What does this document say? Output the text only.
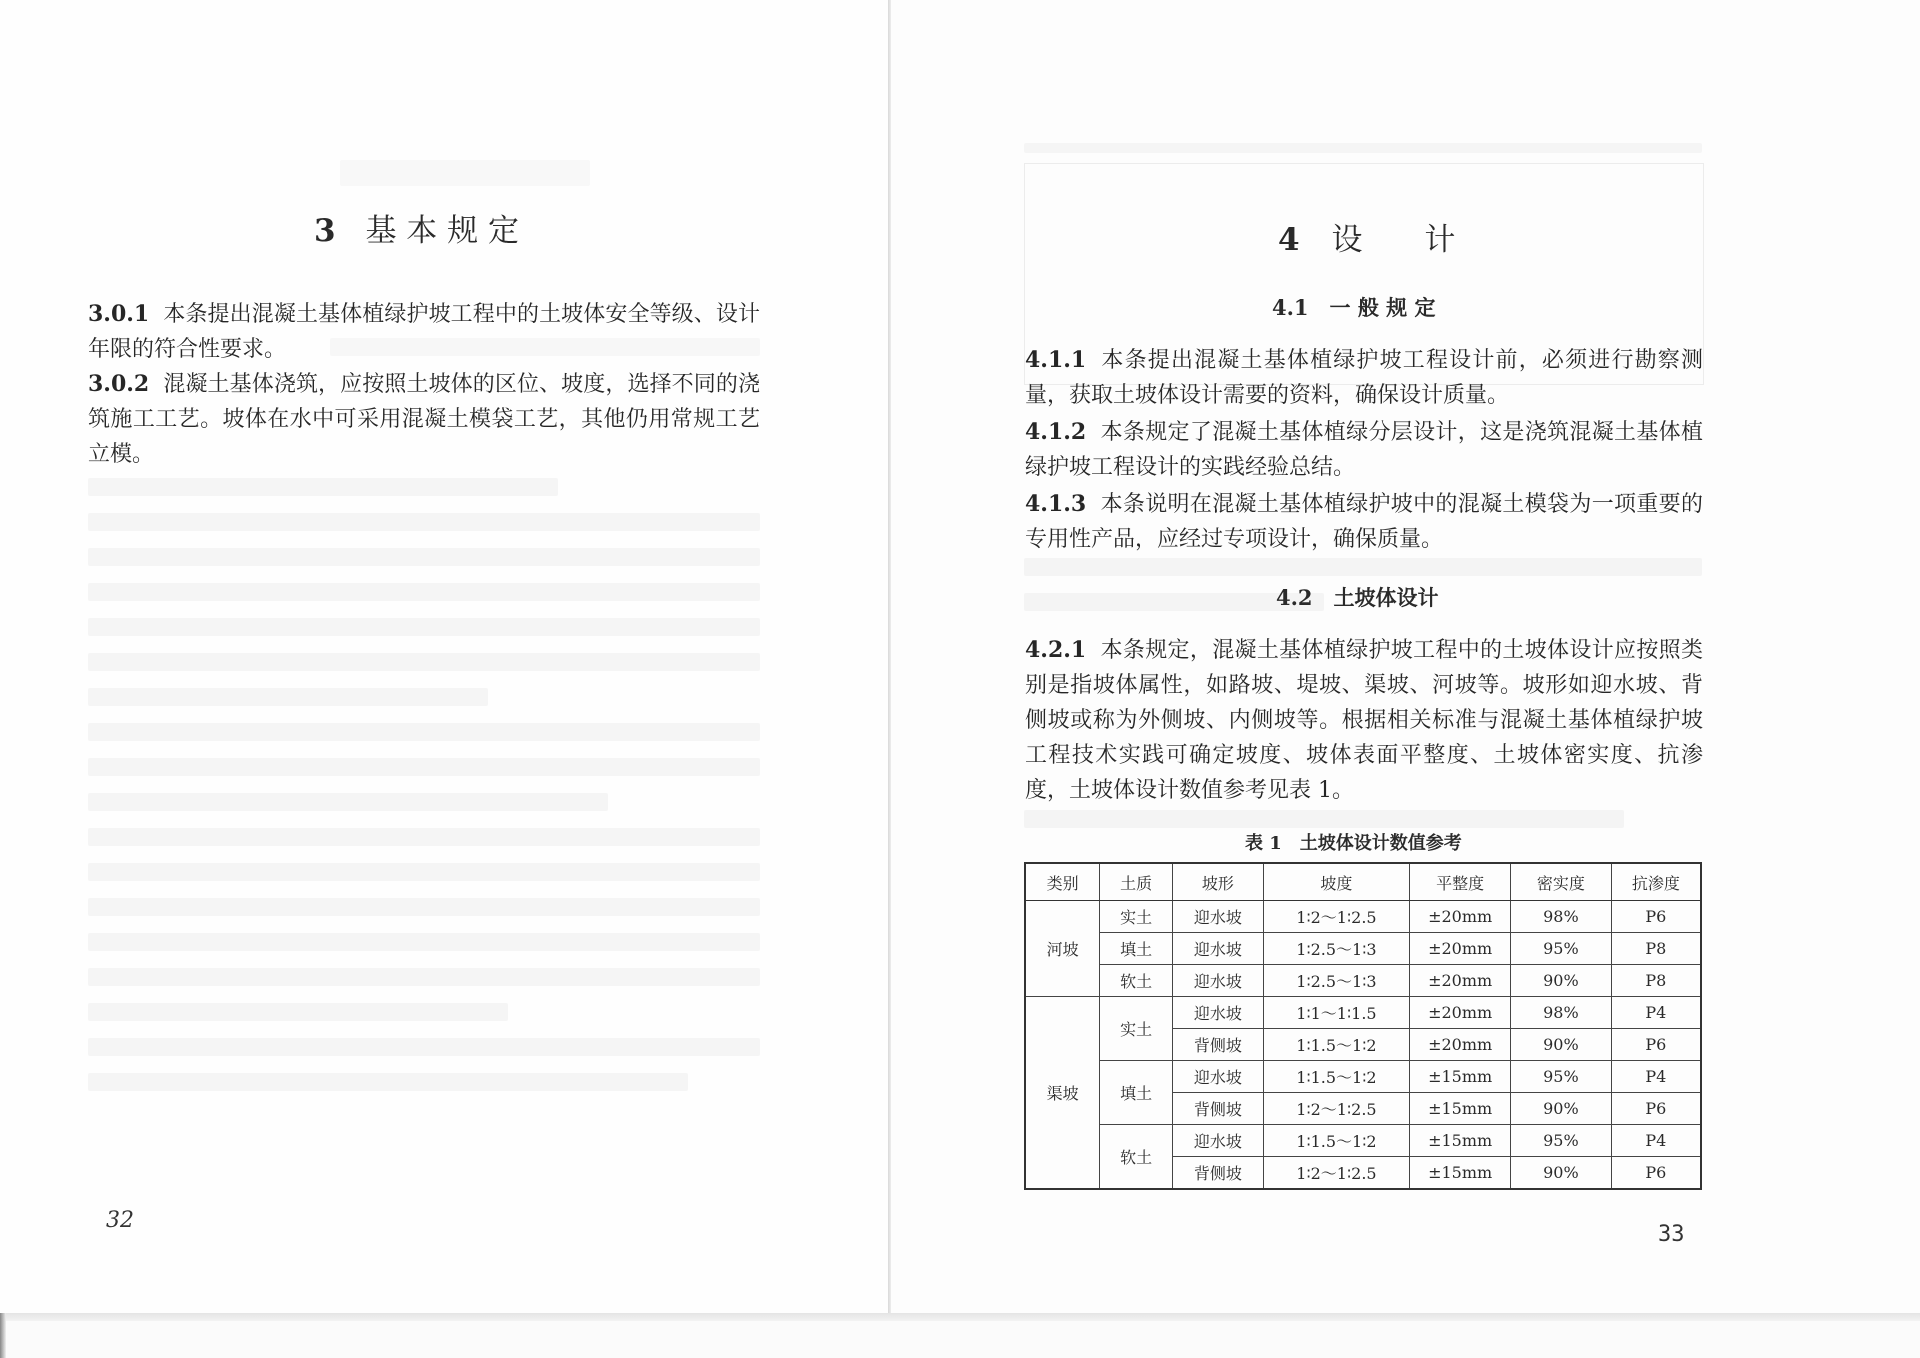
3 基 本 规 定
3.0.1 本条提出混凝土基体植绿护坡工程中的土坡体安全等级、设计年限的符合性要求。
3.0.2 混凝土基体浇筑，应按照土坡体的区位、坡度，选择不同的浇筑施工工艺。坡体在水中可采用混凝土模袋工艺，其他仍用常规工艺立模。
32
4 设　　计
4.1　一 般 规 定
4.1.1 本条提出混凝土基体植绿护坡工程设计前，必须进行勘察测量，获取土坡体设计需要的资料，确保设计质量。
4.1.2 本条规定了混凝土基体植绿分层设计，这是浇筑混凝土基体植绿护坡工程设计的实践经验总结。
4.1.3 本条说明在混凝土基体植绿护坡中的混凝土模袋为一项重要的专用性产品，应经过专项设计，确保质量。
4.2　土坡体设计
4.2.1 本条规定，混凝土基体植绿护坡工程中的土坡体设计应按照类别是指坡体属性，如路坡、堤坡、渠坡、河坡等。坡形如迎水坡、背侧坡或称为外侧坡、内侧坡等。根据相关标准与混凝土基体植绿护坡工程技术实践可确定坡度、坡体表面平整度、土坡体密实度、抗渗度，土坡体设计数值参考见表 1。
表 1　土坡体设计数值参考
类别	土质	坡形	坡度	平整度	密实度	抗渗度
河坡	实土	迎水坡	1∶2～1∶2.5	±20mm	98%	P6
	填土	迎水坡	1∶2.5～1∶3	±20mm	95%	P8
	软土	迎水坡	1∶2.5～1∶3	±20mm	90%	P8
渠坡	实土	迎水坡	1∶1～1∶1.5	±20mm	98%	P4
		背侧坡	1∶1.5～1∶2	±20mm	90%	P6
	填土	迎水坡	1∶1.5～1∶2	±15mm	95%	P4
		背侧坡	1∶2～1∶2.5	±15mm	90%	P6
	软土	迎水坡	1∶1.5～1∶2	±15mm	95%	P4
		背侧坡	1∶2～1∶2.5	±15mm	90%	P6
33
